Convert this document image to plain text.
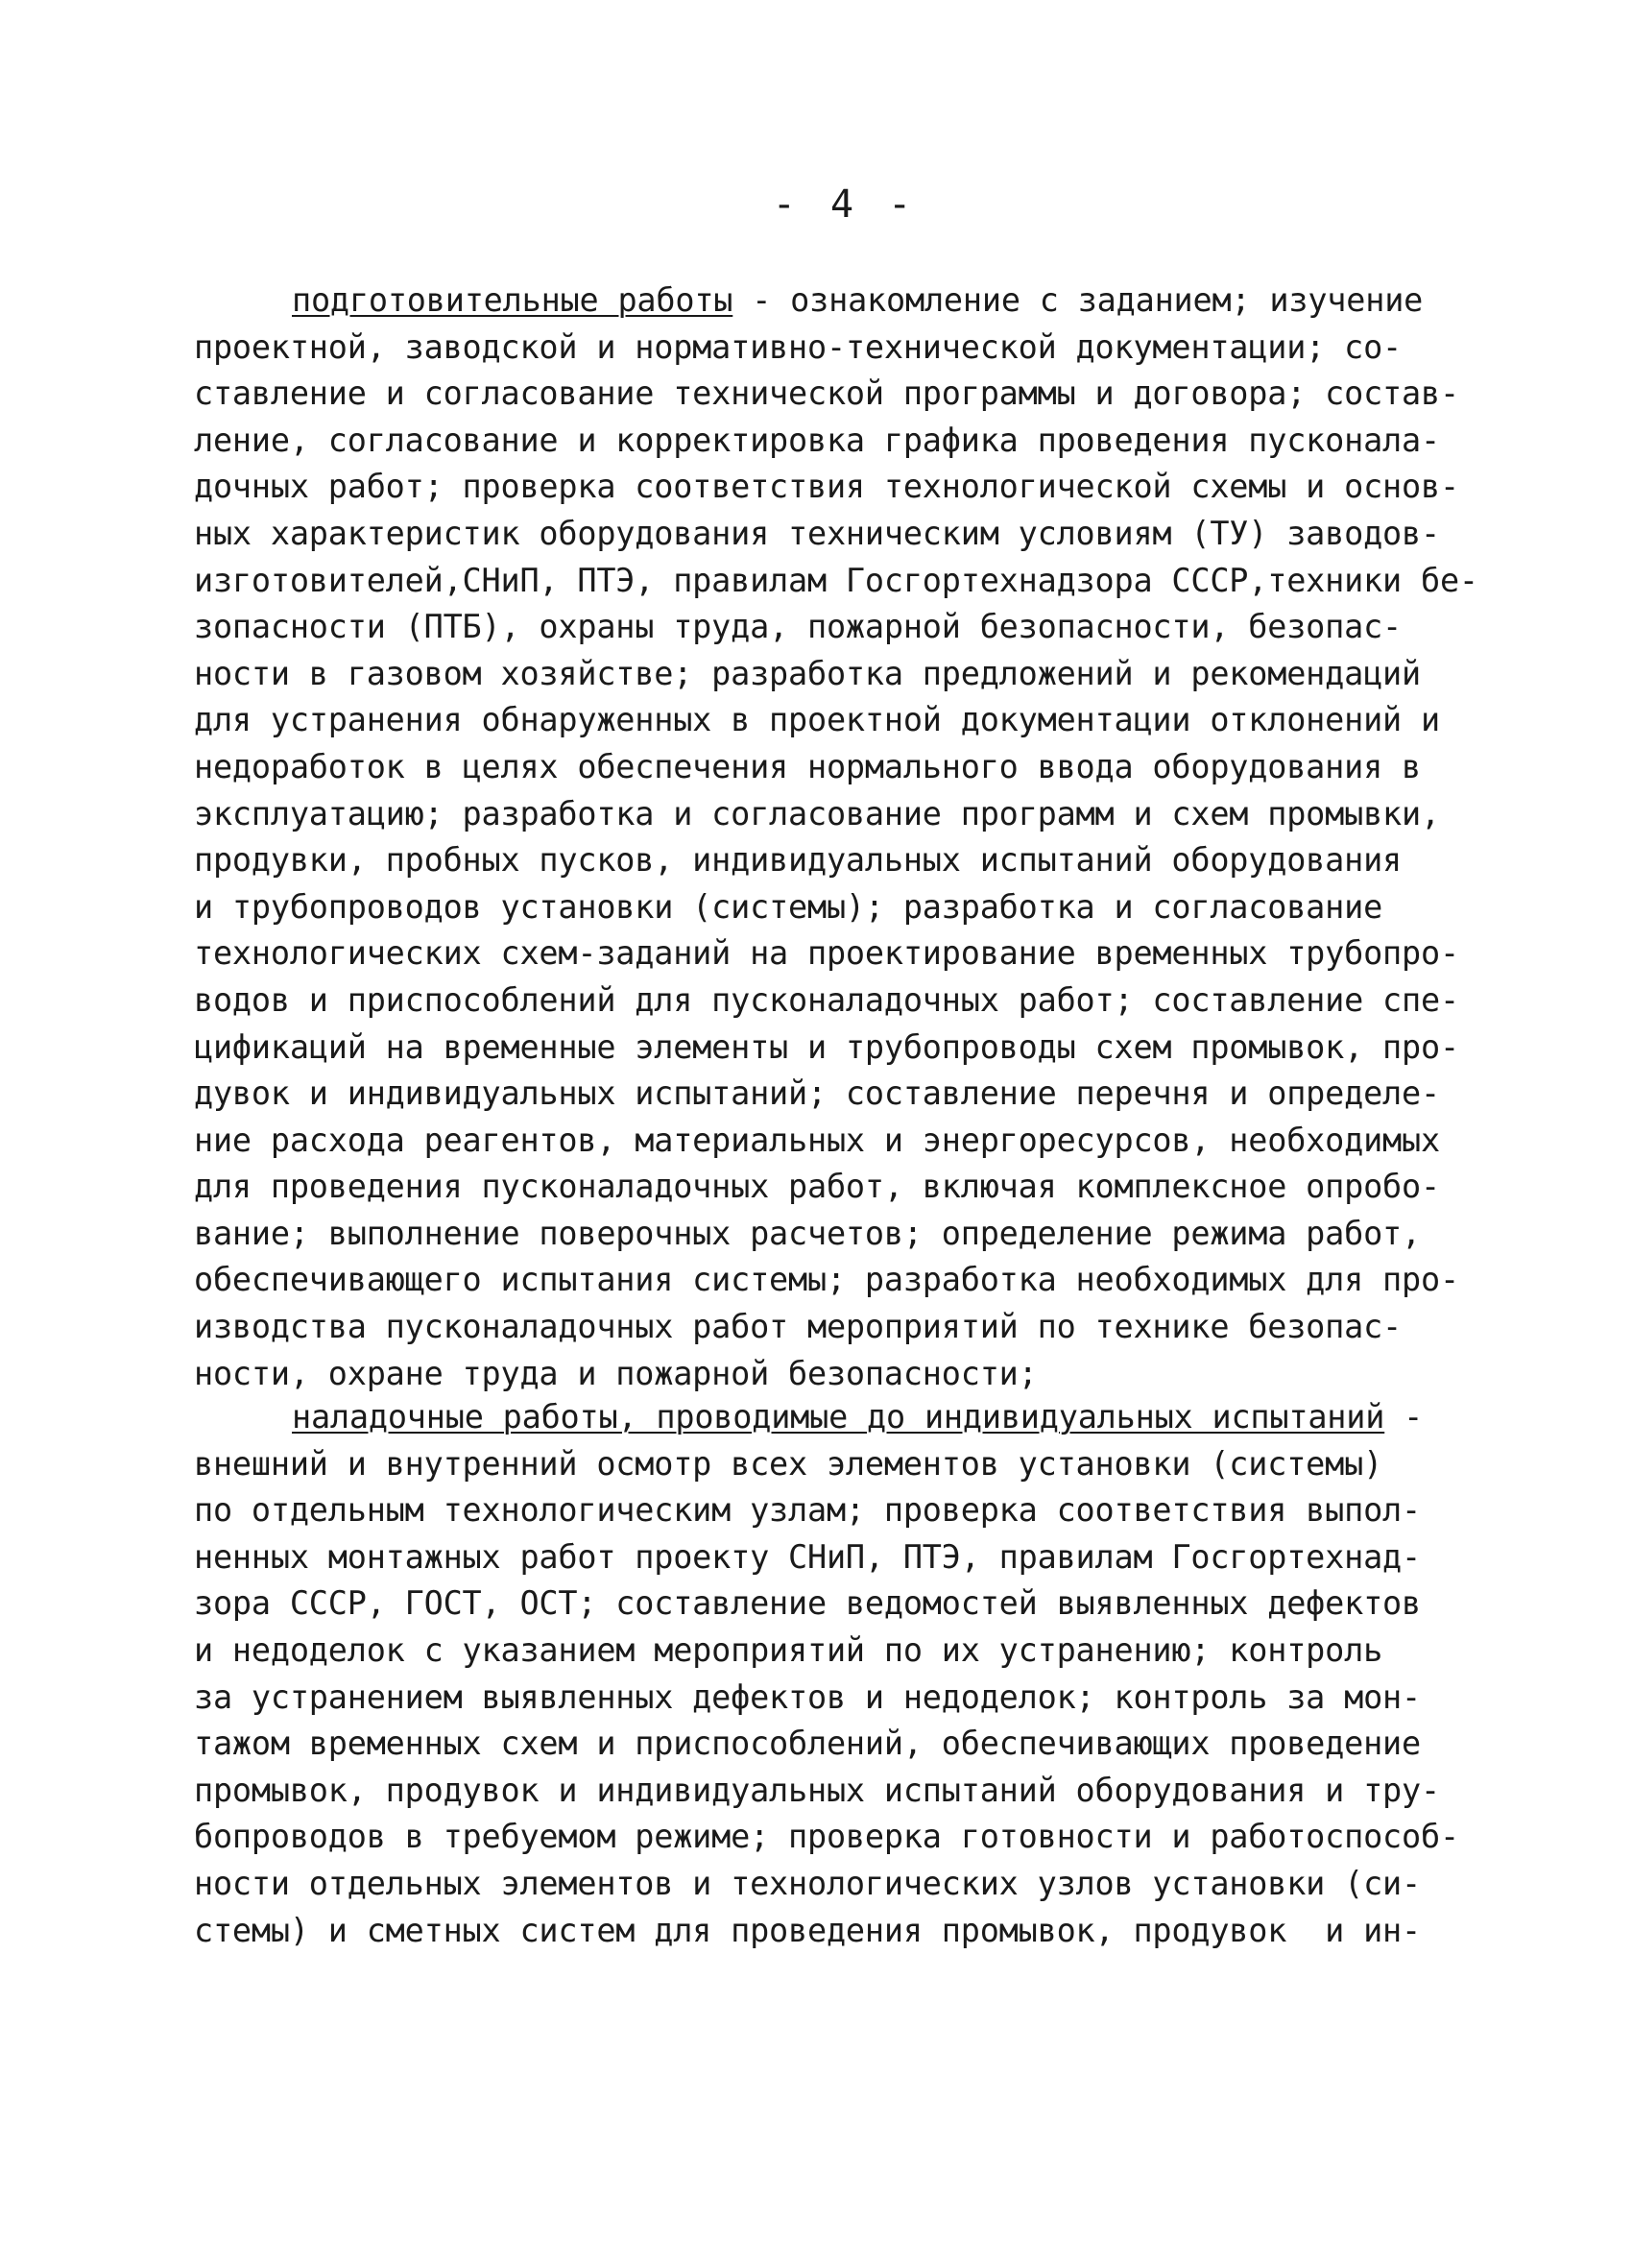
- 4 -
подготовительные работы - ознакомление с заданием; изучение
проектной, заводской и нормативно-технической документации; со-
ставление и согласование технической программы и договора; состав-
ление, согласование и корректировка графика проведения пусконала-
дочных работ; проверка соответствия технологической схемы и основ-
ных характеристик оборудования техническим условиям (ТУ) заводов-
изготовителей,СНиП, ПТЭ, правилам Госгортехнадзора СССР,техники бе-
зопасности (ПТБ), охраны труда, пожарной безопасности, безопас-
ности в газовом хозяйстве; разработка предложений и рекомендаций
для устранения обнаруженных в проектной документации отклонений и
недоработок в целях обеспечения нормального ввода оборудования в
эксплуатацию; разработка и согласование программ и схем промывки,
продувки, пробных пусков, индивидуальных испытаний оборудования
и трубопроводов установки (системы); разработка и согласование
технологических схем-заданий на проектирование временных трубопро-
водов и приспособлений для пусконаладочных работ; составление спе-
цификаций на временные элементы и трубопроводы схем промывок, про-
дувок и индивидуальных испытаний; составление перечня и определе-
ние расхода реагентов, материальных и энергоресурсов, необходимых
для проведения пусконаладочных работ, включая комплексное опробо-
вание; выполнение поверочных расчетов; определение режима работ,
обеспечивающего испытания системы; разработка необходимых для про-
изводства пусконаладочных работ мероприятий по технике безопас-
ности, охране труда и пожарной безопасности;
наладочные работы, проводимые до индивидуальных испытаний -
внешний и внутренний осмотр всех элементов установки (системы)
по отдельным технологическим узлам; проверка соответствия выпол-
ненных монтажных работ проекту СНиП, ПТЭ, правилам Госгортехнад-
зора СССР, ГОСТ, ОСТ; составление ведомостей выявленных дефектов
и недоделок с указанием мероприятий по их устранению; контроль
за устранением выявленных дефектов и недоделок; контроль за мон-
тажом временных схем и приспособлений, обеспечивающих проведение
промывок, продувок и индивидуальных испытаний оборудования и тру-
бопроводов в требуемом режиме; проверка готовности и работоспособ-
ности отдельных элементов и технологических узлов установки (си-
стемы) и сметных систем для проведения промывок, продувок  и ин-
